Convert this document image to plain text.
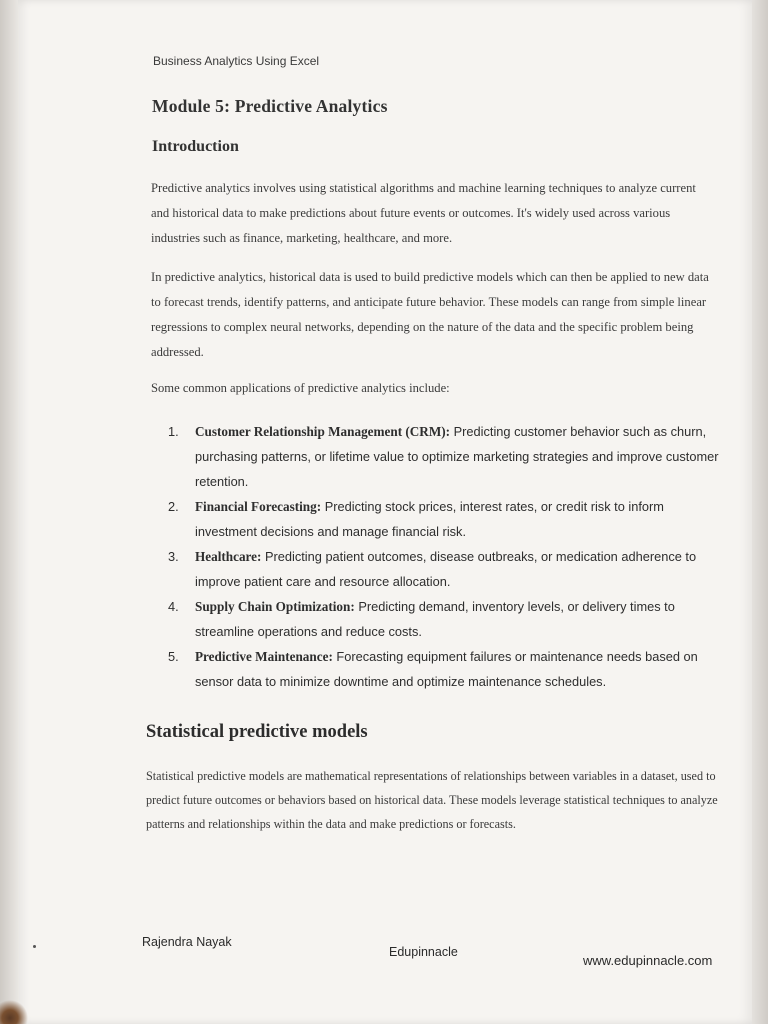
Business Analytics Using Excel
Module 5: Predictive Analytics
Introduction

Predictive analytics involves using statistical algorithms and machine learning techniques to analyze current and historical data to make predictions about future events or outcomes. It's widely used across various industries such as finance, marketing, healthcare, and more.

In predictive analytics, historical data is used to build predictive models which can then be applied to new data to forecast trends, identify patterns, and anticipate future behavior. These models can range from simple linear regressions to complex neural networks, depending on the nature of the data and the specific problem being addressed.

Some common applications of predictive analytics include:

1. Customer Relationship Management (CRM): Predicting customer behavior such as churn, purchasing patterns, or lifetime value to optimize marketing strategies and improve customer retention.
2. Financial Forecasting: Predicting stock prices, interest rates, or credit risk to inform investment decisions and manage financial risk.
3. Healthcare: Predicting patient outcomes, disease outbreaks, or medication adherence to improve patient care and resource allocation.
4. Supply Chain Optimization: Predicting demand, inventory levels, or delivery times to streamline operations and reduce costs.
5. Predictive Maintenance: Forecasting equipment failures or maintenance needs based on sensor data to minimize downtime and optimize maintenance schedules.
Statistical predictive models

Statistical predictive models are mathematical representations of relationships between variables in a dataset, used to predict future outcomes or behaviors based on historical data. These models leverage statistical techniques to analyze patterns and relationships within the data and make predictions or forecasts.

Rajendra Nayak
Edupinnacle
www.edupinnacle.com
